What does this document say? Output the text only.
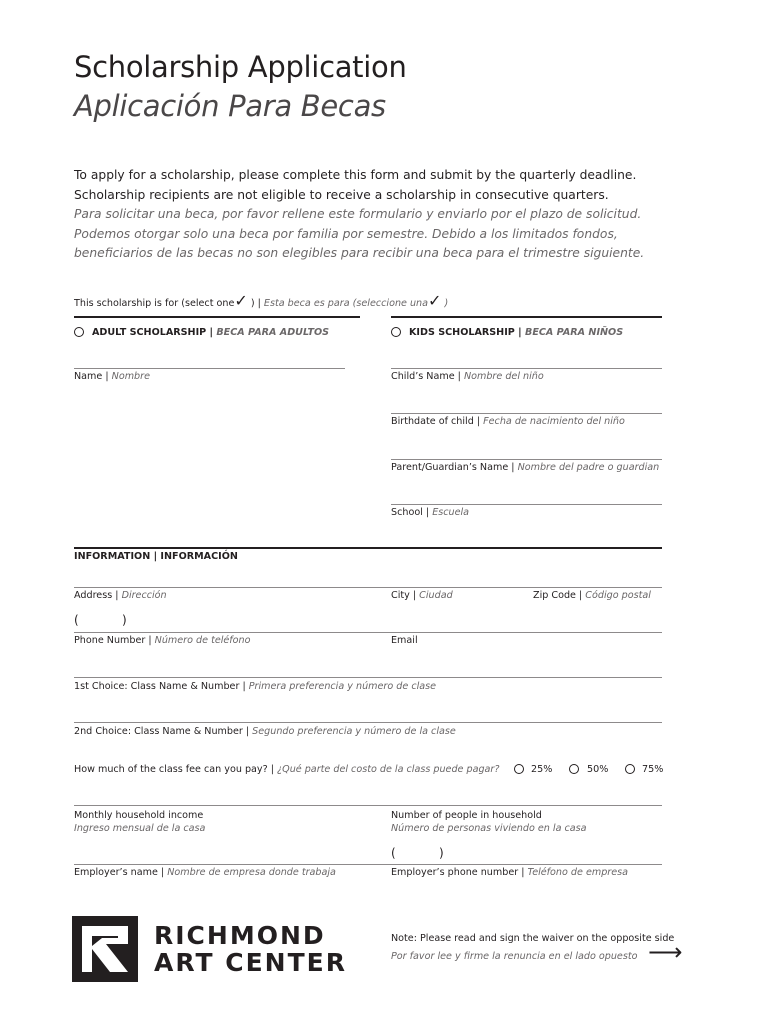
Scholarship Application
Aplicación Para Becas
To apply for a scholarship, please complete this form and submit by the quarterly deadline.
Scholarship recipients are not eligible to receive a scholarship in consecutive quarters.
Para solicitar una beca, por favor rellene este formulario y enviarlo por el plazo de solicitud.
Podemos otorgar solo una beca por familia por semestre. Debido a los limitados fondos,
beneficiarios de las becas no son elegibles para recibir una beca para el trimestre siguiente.
This scholarship is for (select one✓ ) | Esta beca es para (seleccione una✓ )
ADULT SCHOLARSHIP | BECA PARA ADULTOS	KIDS SCHOLARSHIP | BECA PARA NIÑOS
Name | Nombre	Child’s Name | Nombre del niño
Birthdate of child | Fecha de nacimiento del niño
Parent/Guardian’s Name | Nombre del padre o guardian
School | Escuela
INFORMATION | INFORMACIÓN
Address | Dirección	City | Ciudad	Zip Code | Código postal
(	)
Phone Number | Número de teléfono	Email
1st Choice: Class Name & Number | Primera preferencia y número de clase
2nd Choice: Class Name & Number | Segundo preferencia y número de la clase
How much of the class fee can you pay? | ¿Qué parte del costo de la class puede pagar?	25%	50%	75%
Monthly household income
Ingreso mensual de la casa
Number of people in household
Número de personas viviendo en la casa
(	)
Employer’s name | Nombre de empresa donde trabaja	Employer’s phone number | Teléfono de empresa
RICHMOND
ART CENTER
Note: Please read and sign the waiver on the opposite side
Por favor lee y firme la renuncia en el lado opuesto ⟶
